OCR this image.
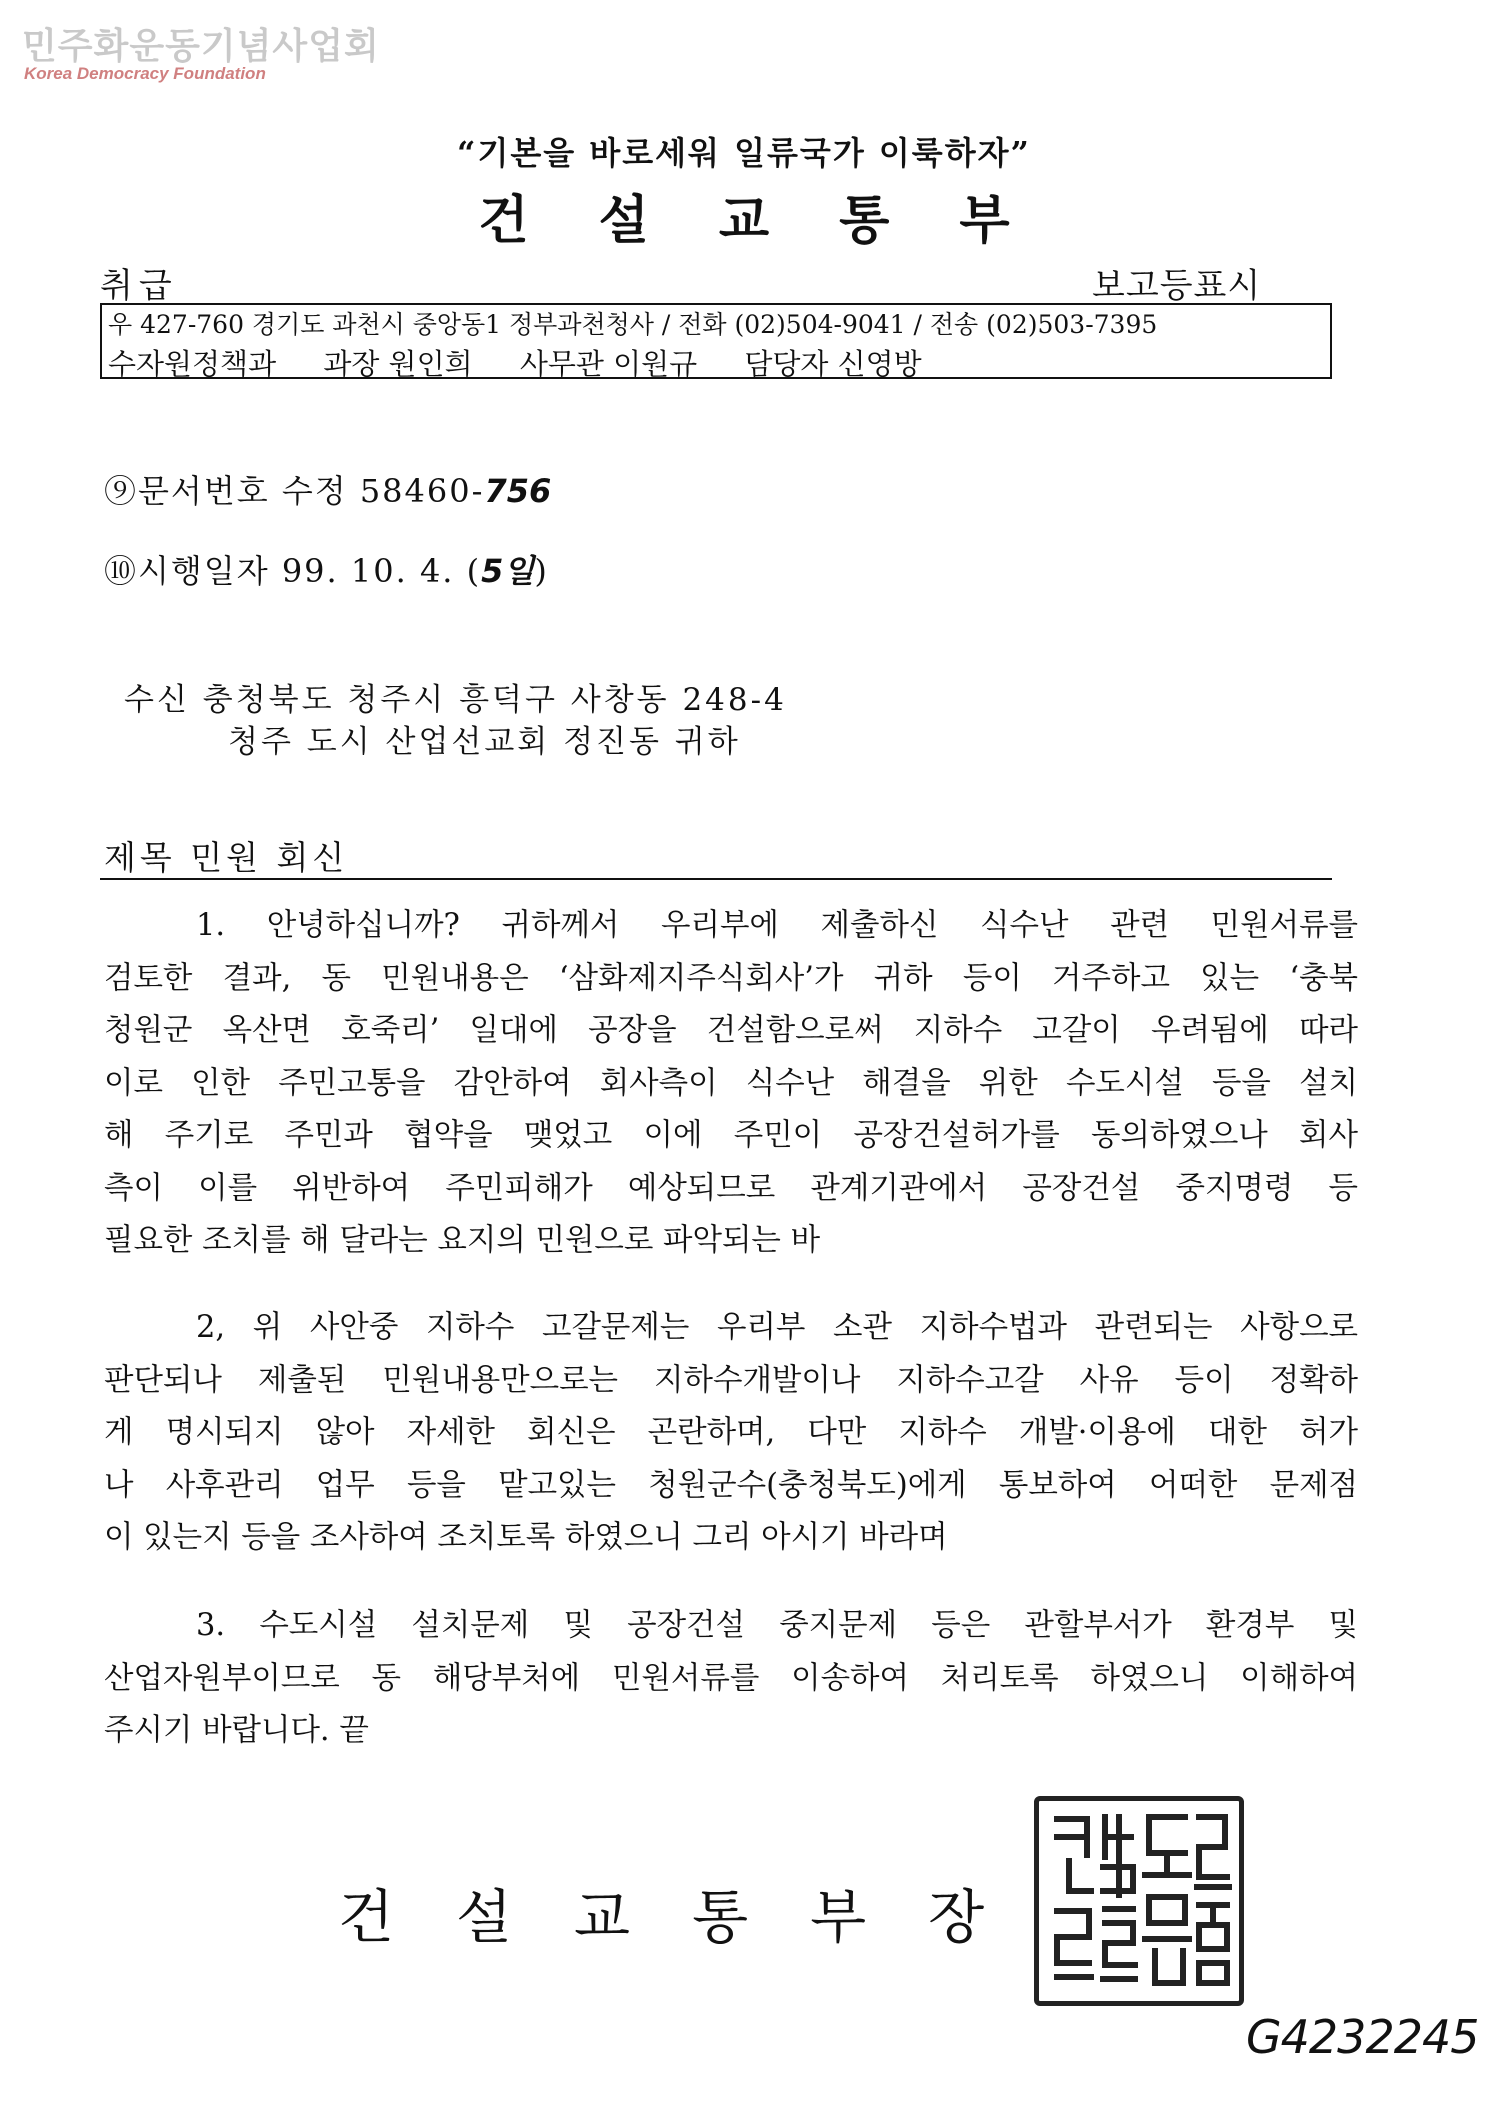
민주화운동기념사업회
Korea Democracy Foundation
“기본을 바로세워 일류국가 이룩하자”
건설교통부
취급	보고등표시
우 427-760 경기도 과천시 중앙동1 정부과천청사 / 전화 (02)504-9041 / 전송 (02)503-7395
수자원정책과 과장 원인희 사무관 이원규 담당자 신영방
⑨문서번호 수정 58460-756
⑩시행일자 99. 10. 4. (5일)
수신 충청북도 청주시 흥덕구 사창동 248-4
청주 도시 산업선교회 정진동 귀하
제목 민원 회신
1. 안녕하십니까? 귀하께서 우리부에 제출하신 식수난 관련 민원서류를
검토한 결과, 동 민원내용은 ‘삼화제지주식회사’가 귀하 등이 거주하고 있는 ‘충북
청원군 옥산면 호죽리’ 일대에 공장을 건설함으로써 지하수 고갈이 우려됨에 따라
이로 인한 주민고통을 감안하여 회사측이 식수난 해결을 위한 수도시설 등을 설치
해 주기로 주민과 협약을 맺었고 이에 주민이 공장건설허가를 동의하였으나 회사
측이 이를 위반하여 주민피해가 예상되므로 관계기관에서 공장건설 중지명령 등
필요한 조치를 해 달라는 요지의 민원으로 파악되는 바
2, 위 사안중 지하수 고갈문제는 우리부 소관 지하수법과 관련되는 사항으로
판단되나 제출된 민원내용만으로는 지하수개발이나 지하수고갈 사유 등이 정확하
게 명시되지 않아 자세한 회신은 곤란하며, 다만 지하수 개발·이용에 대한 허가
나 사후관리 업무 등을 맡고있는 청원군수(충청북도)에게 통보하여 어떠한 문제점
이 있는지 등을 조사하여 조치토록 하였으니 그리 아시기 바라며
3. 수도시설 설치문제 및 공장건설 중지문제 등은 관할부서가 환경부 및
산업자원부이므로 동 해당부처에 민원서류를 이송하여 처리토록 하였으니 이해하여
주시기 바랍니다. 끝
건설교통부장
G4232245
